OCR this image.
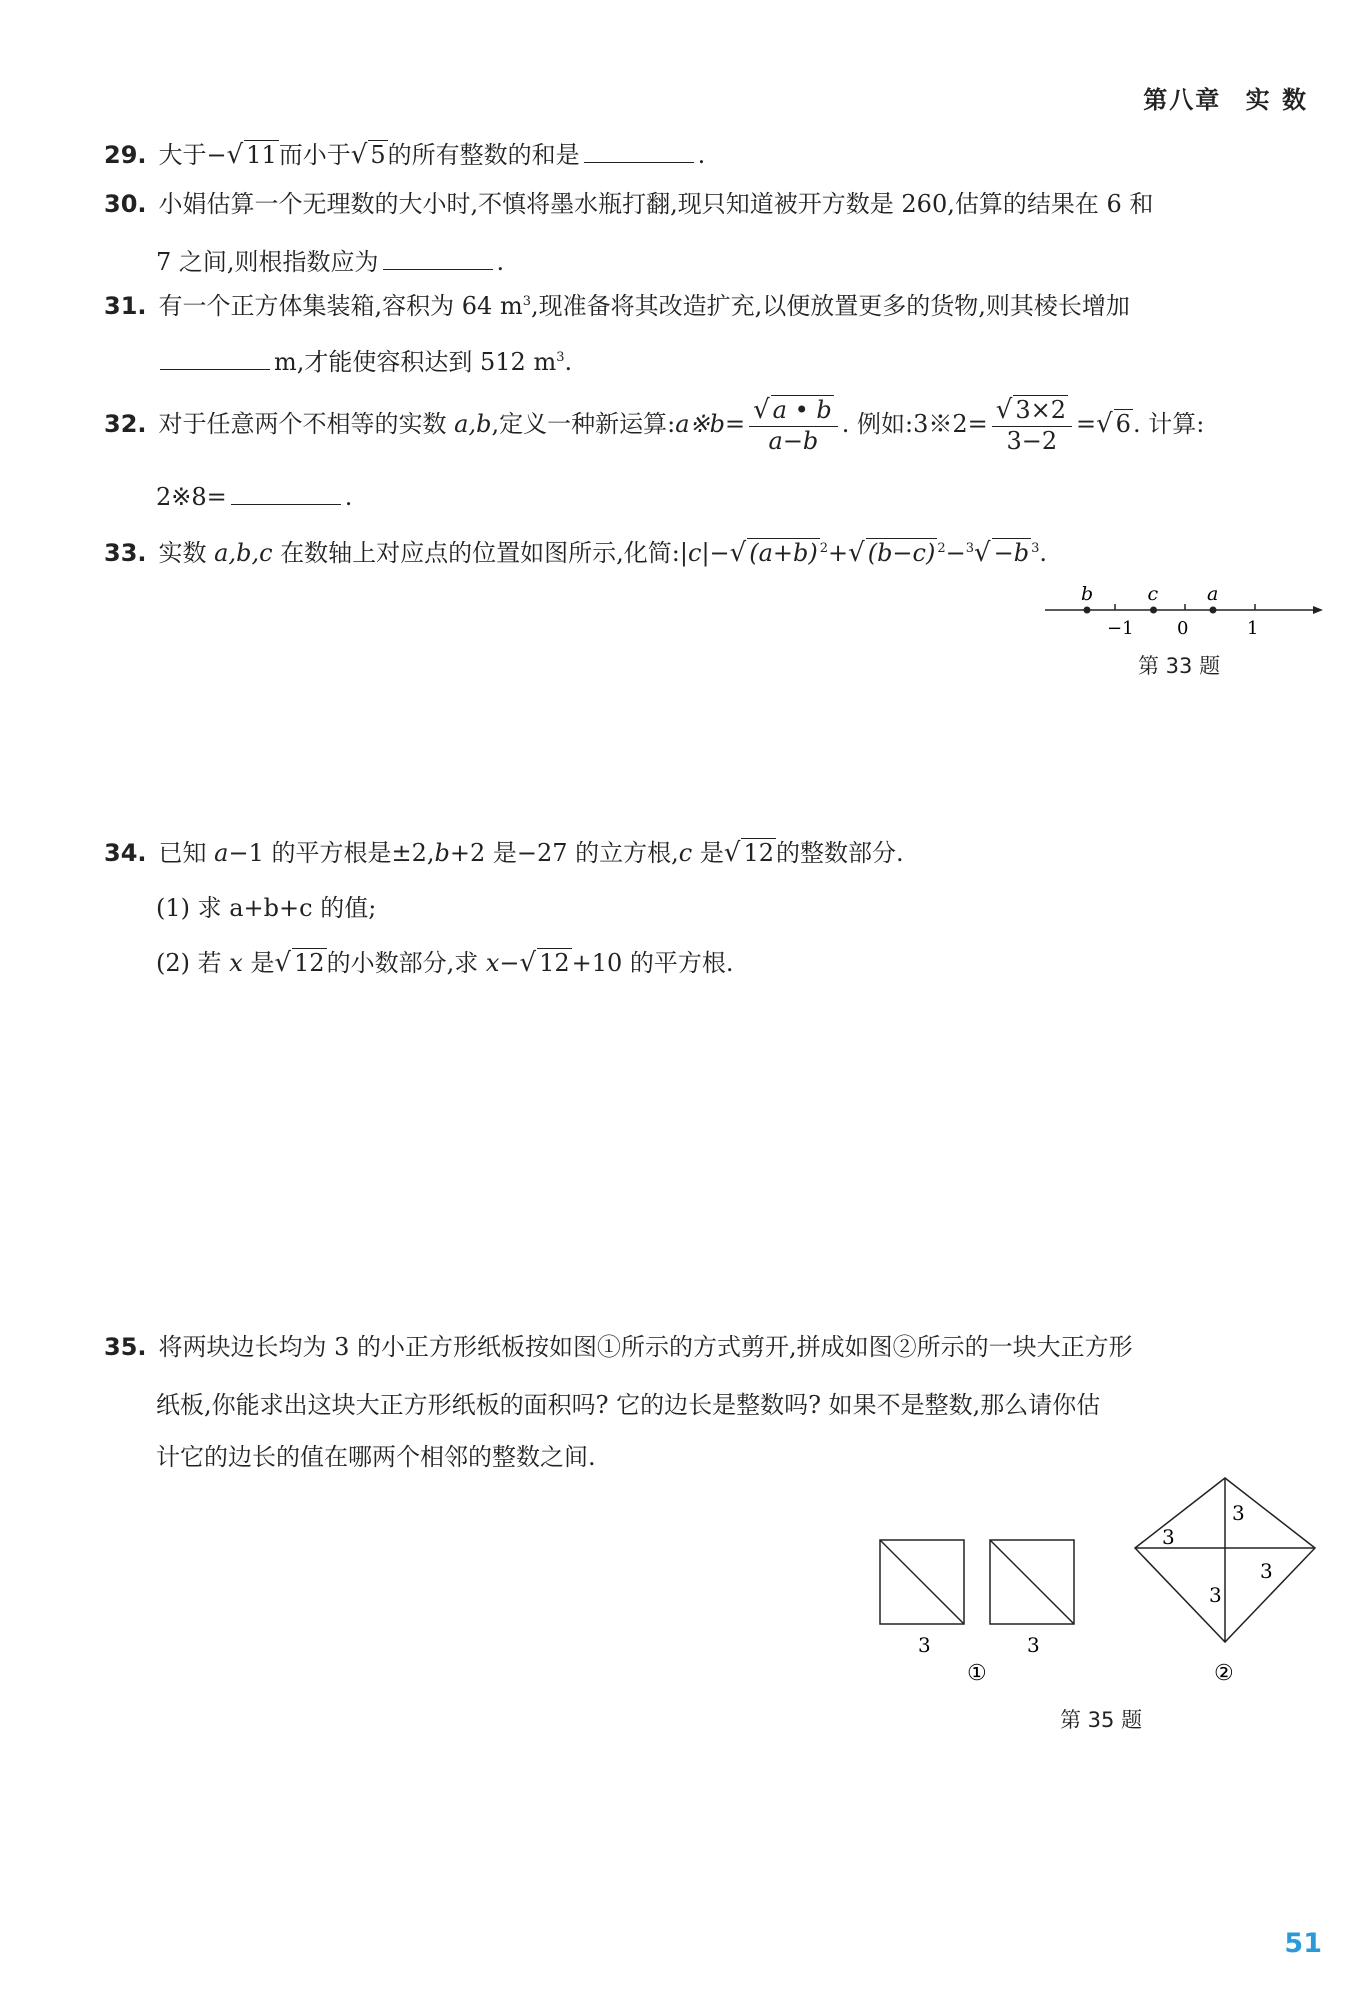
第八章 实 数
29. 大于−√ 11而小于√ 5的所有整数的和是	.
30. 小娟估算一个无理数的大小时,不慎将墨水瓶打翻,现只知道被开方数是 260,估算的结果在 6 和
7 之间,则根指数应为	.
31. 有一个正方体集装箱,容积为 64 $m^3$,现准备将其改造扩充,以便放置更多的货物,则其棱长增加
m,才能使容积达到 512 $m^3$.
32. 对于任意两个不相等的实数 a,b,定义一种新运算:a※b= $\frac{√ a • b}{a-b}$ . 例如:3※2= $\frac{√ 3\times 2}{3-2}$ =√ 6. 计算:
2※8=	.
33. 实数 a,b,c 在数轴上对应点的位置如图所示,化简:|c|−√ (a+b) $^2$+√ (b−c) $^2$−$^3$√ −b $^3$.
−1 0	1
b	c	a
第 33 题
34. 已知 a−1 的平方根是±2,b+2 是−27 的立方根,c 是√ 12的整数部分.
(1) 求 a+b+c 的值;
(2) 若 x 是√ 12的小数部分,求 x−√ 12+10 的平方根.
35. 将两块边长均为 3 的小正方形纸板按如图①所示的方式剪开,拼成如图②所示的一块大正方形
纸板,你能求出这块大正方形纸板的面积吗? 它的边长是整数吗? 如果不是整数,那么请你估
计它的边长的值在哪两个相邻的整数之间.
3	3
①
3
3
3
3
②
第 35 题
51
